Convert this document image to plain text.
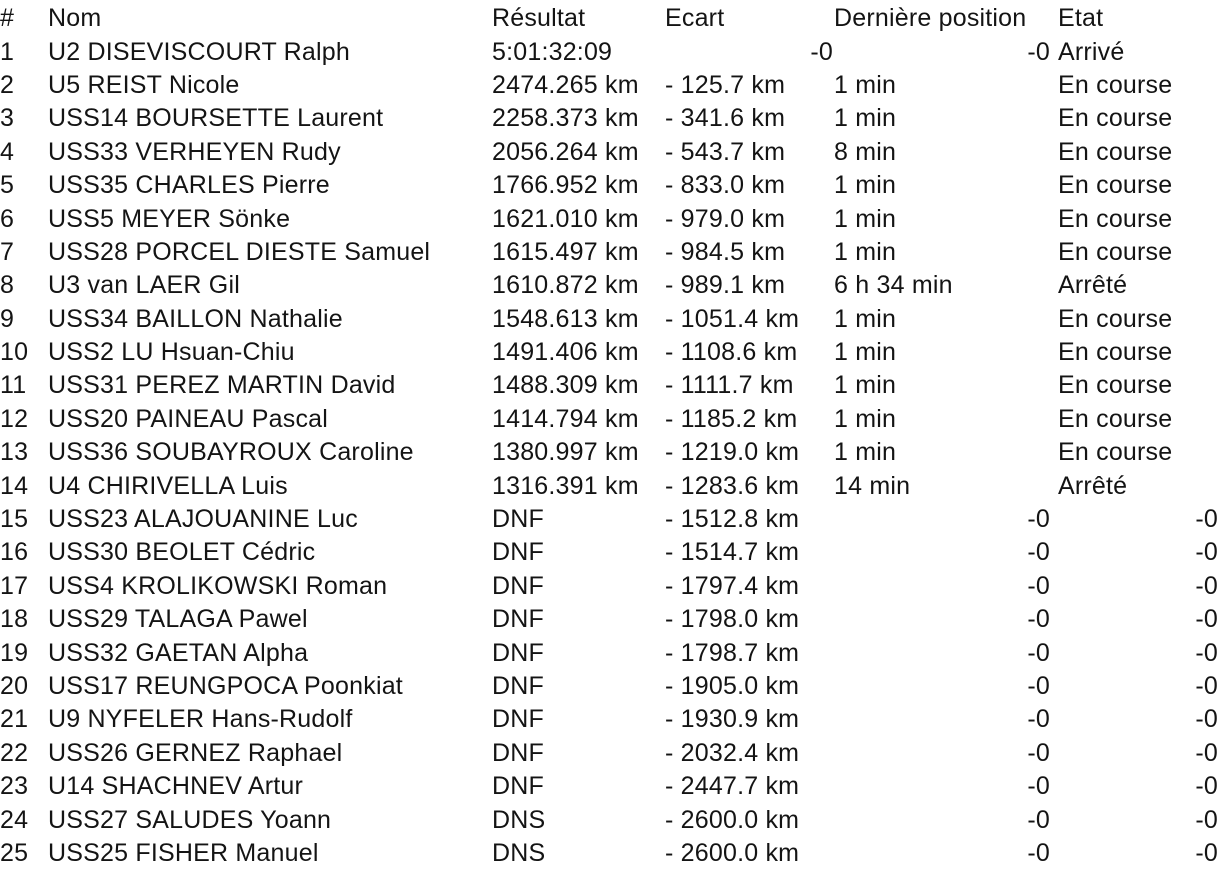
#	Nom	Résultat	Ecart	Dernière position	Etat
1	U2 DISEVISCOURT Ralph	5:01:32:09	-0	-0	Arrivé
2	U5 REIST Nicole	2474.265 km	- 125.7 km	1 min	En course
3	USS14 BOURSETTE Laurent	2258.373 km	- 341.6 km	1 min	En course
4	USS33 VERHEYEN Rudy	2056.264 km	- 543.7 km	8 min	En course
5	USS35 CHARLES Pierre	1766.952 km	- 833.0 km	1 min	En course
6	USS5 MEYER Sönke	1621.010 km	- 979.0 km	1 min	En course
7	USS28 PORCEL DIESTE Samuel	1615.497 km	- 984.5 km	1 min	En course
8	U3 van LAER Gil	1610.872 km	- 989.1 km	6 h 34 min	Arrêté
9	USS34 BAILLON Nathalie	1548.613 km	- 1051.4 km	1 min	En course
10	USS2 LU Hsuan-Chiu	1491.406 km	- 1108.6 km	1 min	En course
11	USS31 PEREZ MARTIN David	1488.309 km	- 1111.7 km	1 min	En course
12	USS20 PAINEAU Pascal	1414.794 km	- 1185.2 km	1 min	En course
13	USS36 SOUBAYROUX Caroline	1380.997 km	- 1219.0 km	1 min	En course
14	U4 CHIRIVELLA Luis	1316.391 km	- 1283.6 km	14 min	Arrêté
15	USS23 ALAJOUANINE Luc	DNF	- 1512.8 km	-0	-0
16	USS30 BEOLET Cédric	DNF	- 1514.7 km	-0	-0
17	USS4 KROLIKOWSKI Roman	DNF	- 1797.4 km	-0	-0
18	USS29 TALAGA Pawel	DNF	- 1798.0 km	-0	-0
19	USS32 GAETAN Alpha	DNF	- 1798.7 km	-0	-0
20	USS17 REUNGPOCA Poonkiat	DNF	- 1905.0 km	-0	-0
21	U9 NYFELER Hans-Rudolf	DNF	- 1930.9 km	-0	-0
22	USS26 GERNEZ Raphael	DNF	- 2032.4 km	-0	-0
23	U14 SHACHNEV Artur	DNF	- 2447.7 km	-0	-0
24	USS27 SALUDES Yoann	DNS	- 2600.0 km	-0	-0
25	USS25 FISHER Manuel	DNS	- 2600.0 km	-0	-0
